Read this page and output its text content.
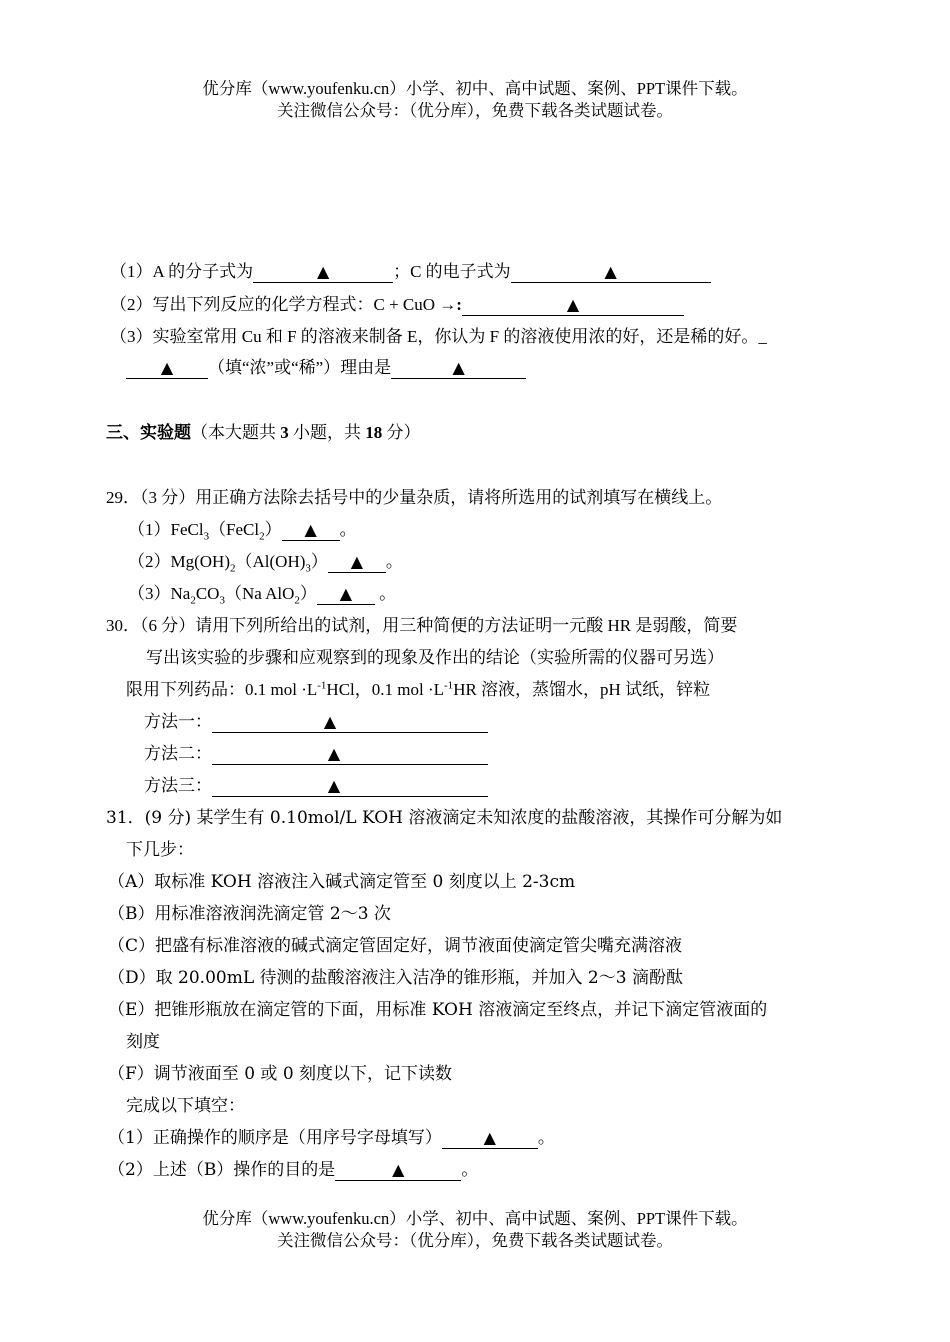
优分库（www.youfenku.cn）小学、初中、高中试题、案例、PPT课件下载。
关注微信公众号：（优分库），免费下载各类试题试卷。
（1）A 的分子式为	▲	；C 的电子式为	▲
（2）写出下列反应的化学方程式：C + CuO →:	▲
（3）实验室常用 Cu 和 F 的溶液来制备 E，你认为 F 的溶液使用浓的好，还是稀的好。_
▲ （填“浓”或“稀”）理由是	▲
三、实验题（本大题共 3 小题，共 18 分）
29．（3 分）用正确方法除去括号中的少量杂质，请将所选用的试剂填写在横线上。
（1）FeCl$_3$（FeCl$_2$） ▲ 。
$(2)Mg(OH)_2(Al(OH)_3)$ ▲ 。
$(3)Na_2CO_3(Na$ AlO$_2$） ▲ 。
30．（6 分）请用下列所给出的试剂，用三种简便的方法证明一元酸 HR 是弱酸，简要
写出该实验的步骤和应观察到的现象及作出的结论（实验所需的仪器可另选）
限用下列药品：0.1 mol $\cdot L^{-1}HCl$，0.1 mol $\cdot L^{-1}HR$ 溶液，蒸馏水，pH 试纸，锌粒
方法一：	▲
方法二：	▲
方法三：	▲
31．(9 分) 某学生有 0.10mol/L KOH 溶液滴定未知浓度的盐酸溶液，其操作可分解为如
下几步：
（A）取标准 KOH 溶液注入碱式滴定管至 0 刻度以上 2-3cm
（B）用标准溶液润洗滴定管 2～3 次
（C）把盛有标准溶液的碱式滴定管固定好，调节液面使滴定管尖嘴充满溶液
（D）取 20.00mL 待测的盐酸溶液注入洁净的锥形瓶，并加入 2～3 滴酚酞
（E）把锥形瓶放在滴定管的下面，用标准 KOH 溶液滴定至终点，并记下滴定管液面的
刻度
（F）调节液面至 0 或 0 刻度以下，记下读数
完成以下填空：
（1）正确操作的顺序是（用序号字母填写）	▲ 。
（2）上述（B）操作的目的是	▲	。
优分库（www.youfenku.cn）小学、初中、高中试题、案例、PPT课件下载。
关注微信公众号：（优分库），免费下载各类试题试卷。
